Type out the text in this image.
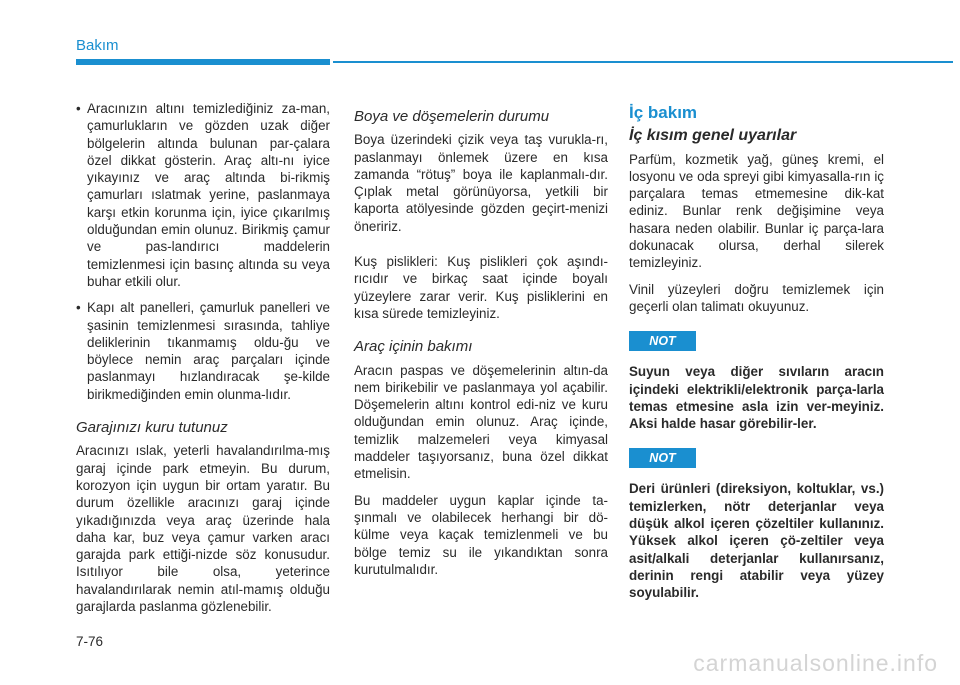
Bakım
• Aracınızın altını temizlediğiniz za-man, çamurlukların ve gözden uzak diğer bölgelerin altında bulunan par-çalara özel dikkat gösterin. Araç altı-nı iyice yıkayınız ve araç altında bi-rikmiş çamurları ıslatmak yerine, paslanmaya karşı etkin korunma için, iyice çıkarılmış olduğundan emin olunuz. Birikmiş çamur ve pas-landırıcı maddelerin temizlenmesi için basınç altında su veya buhar etkili olur.
• Kapı alt panelleri, çamurluk panelleri ve şasinin temizlenmesi sırasında, tahliye deliklerinin tıkanmamış oldu-ğu ve böylece nemin araç parçaları içinde paslanmayı hızlandıracak şe-kilde birikmediğinden emin olunma-lıdır.
Garajınızı kuru tutunuz

Aracınızı ıslak, yeterli havalandırılma-mış garaj içinde park etmeyin. Bu durum, korozyon için uygun bir ortam yaratır. Bu durum özellikle aracınızı garaj içinde yıkadığınızda veya araç üzerinde hala daha kar, buz veya çamur varken aracı garajda park ettiği-nizde söz konusudur. Isıtılıyor bile olsa, yeterince havalandırılarak nemin atıl-mamış olduğu garajlarda paslanma gözlenebilir.

Boya ve döşemelerin durumu

Boya üzerindeki çizik veya taş vurukla-rı, paslanmayı önlemek üzere en kısa zamanda “rötuş” boya ile kaplanmalı-dır. Çıplak metal görünüyorsa, yetkili bir kaporta atölyesinde gözden geçirt-menizi öneririz.

Kuş pislikleri: Kuş pislikleri çok aşındı-rıcıdır ve birkaç saat içinde boyalı yüzeylere zarar verir. Kuş pisliklerini en kısa sürede temizleyiniz.

Araç içinin bakımı

Aracın paspas ve döşemelerinin altın-da nem birikebilir ve paslanmaya yol açabilir. Döşemelerin altını kontrol edi-niz ve kuru olduğundan emin olunuz. Araç içinde, temizlik malzemeleri veya kimyasal maddeler taşıyorsanız, buna özel dikkat etmelisin.

Bu maddeler uygun kaplar içinde ta-şınmalı ve olabilecek herhangi bir dö-külme veya kaçak temizlenmeli ve bu bölge temiz su ile yıkandıktan sonra kurutulmalıdır.

İç bakım
İç kısım genel uyarılar

Parfüm, kozmetik yağ, güneş kremi, el losyonu ve oda spreyi gibi kimyasalla-rın iç parçalara temas etmemesine dik-kat ediniz. Bunlar renk değişimine veya hasara neden olabilir. Bunlar iç parça-lara dokunacak olursa, derhal silerek temizleyiniz.

Vinil yüzeyleri doğru temizlemek için geçerli olan talimatı okuyunuz.

NOT

Suyun veya diğer sıvıların aracın içindeki elektrikli/elektronik parça-larla temas etmesine asla izin ver-meyiniz. Aksi halde hasar görebilir-ler.

NOT

Deri ürünleri (direksiyon, koltuklar, vs.) temizlerken, nötr deterjanlar veya düşük alkol içeren çözeltiler kullanınız. Yüksek alkol içeren çö-zeltiler veya asit/alkali deterjanlar kullanırsanız, derinin rengi atabilir veya yüzey soyulabilir.

7-76
carmanualsonline.info
